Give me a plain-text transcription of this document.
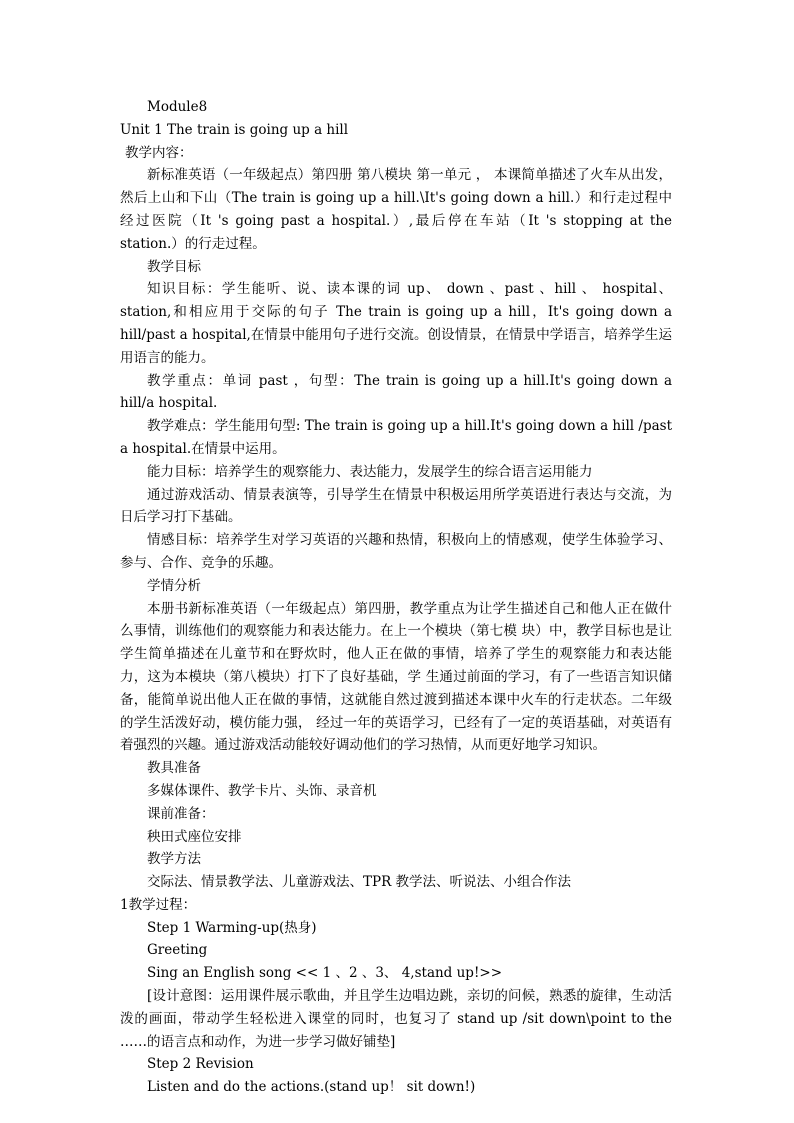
Module8

Unit 1 The train is going up a hill

教学内容：

新标准英语（一年级起点）第四册 第八模块 第一单元 ， 本课简单描述了火车从出发，然后上山和下山（The train is going up a hill.\It's going down a hill.）和行走过程中经过医院（It 's going past a hospital.）,最后停在车站（It 's stopping at the station.）的行走过程。

教学目标

知识目标：学生能听、说、读本课的词 up、 down 、past 、hill 、 hospital、 station,和相应用于交际的句子 The train is going up a hill，It's going down a hill/past a hospital,在情景中能用句子进行交流。创设情景，在情景中学语言，培养学生运用语言的能力。

教学重点：单词 past ，句型：The train is going up a hill.It's going down a hill/a hospital.

教学难点：学生能用句型: The train is going up a hill.It's going down a hill /past a hospital.在情景中运用。

能力目标：培养学生的观察能力、表达能力，发展学生的综合语言运用能力

通过游戏活动、情景表演等，引导学生在情景中积极运用所学英语进行表达与交流，为日后学习打下基础。

情感目标：培养学生对学习英语的兴趣和热情，积极向上的情感观，使学生体验学习、参与、合作、竞争的乐趣。

学情分析

本册书新标准英语（一年级起点）第四册，教学重点为让学生描述自己和他人正在做什么事情，训练他们的观察能力和表达能力。在上一个模块（第七模 块）中，教学目标也是让学生简单描述在儿童节和在野炊时，他人正在做的事情，培养了学生的观察能力和表达能力，这为本模块（第八模块）打下了良好基础，学 生通过前面的学习，有了一些语言知识储备，能简单说出他人正在做的事情，这就能自然过渡到描述本课中火车的行走状态。二年级的学生活泼好动，模仿能力强， 经过一年的英语学习，已经有了一定的英语基础，对英语有着强烈的兴趣。通过游戏活动能较好调动他们的学习热情，从而更好地学习知识。

教具准备

多媒体课件、教学卡片、头饰、录音机

课前准备：

秧田式座位安排

教学方法

交际法、情景教学法、儿童游戏法、TPR 教学法、听说法、小组合作法

1教学过程：

Step 1 Warming-up(热身)

Greeting

Sing an English song << 1 、2 、3、 4,stand up!>>

[设计意图：运用课件展示歌曲，并且学生边唱边跳，亲切的问候，熟悉的旋律，生动活泼的画面，带动学生轻松进入课堂的同时，也复习了 stand up /sit down\point to the ……的语言点和动作，为进一步学习做好铺垫]

Step 2 Revision

Listen and do the actions.(stand up！ sit down!)
